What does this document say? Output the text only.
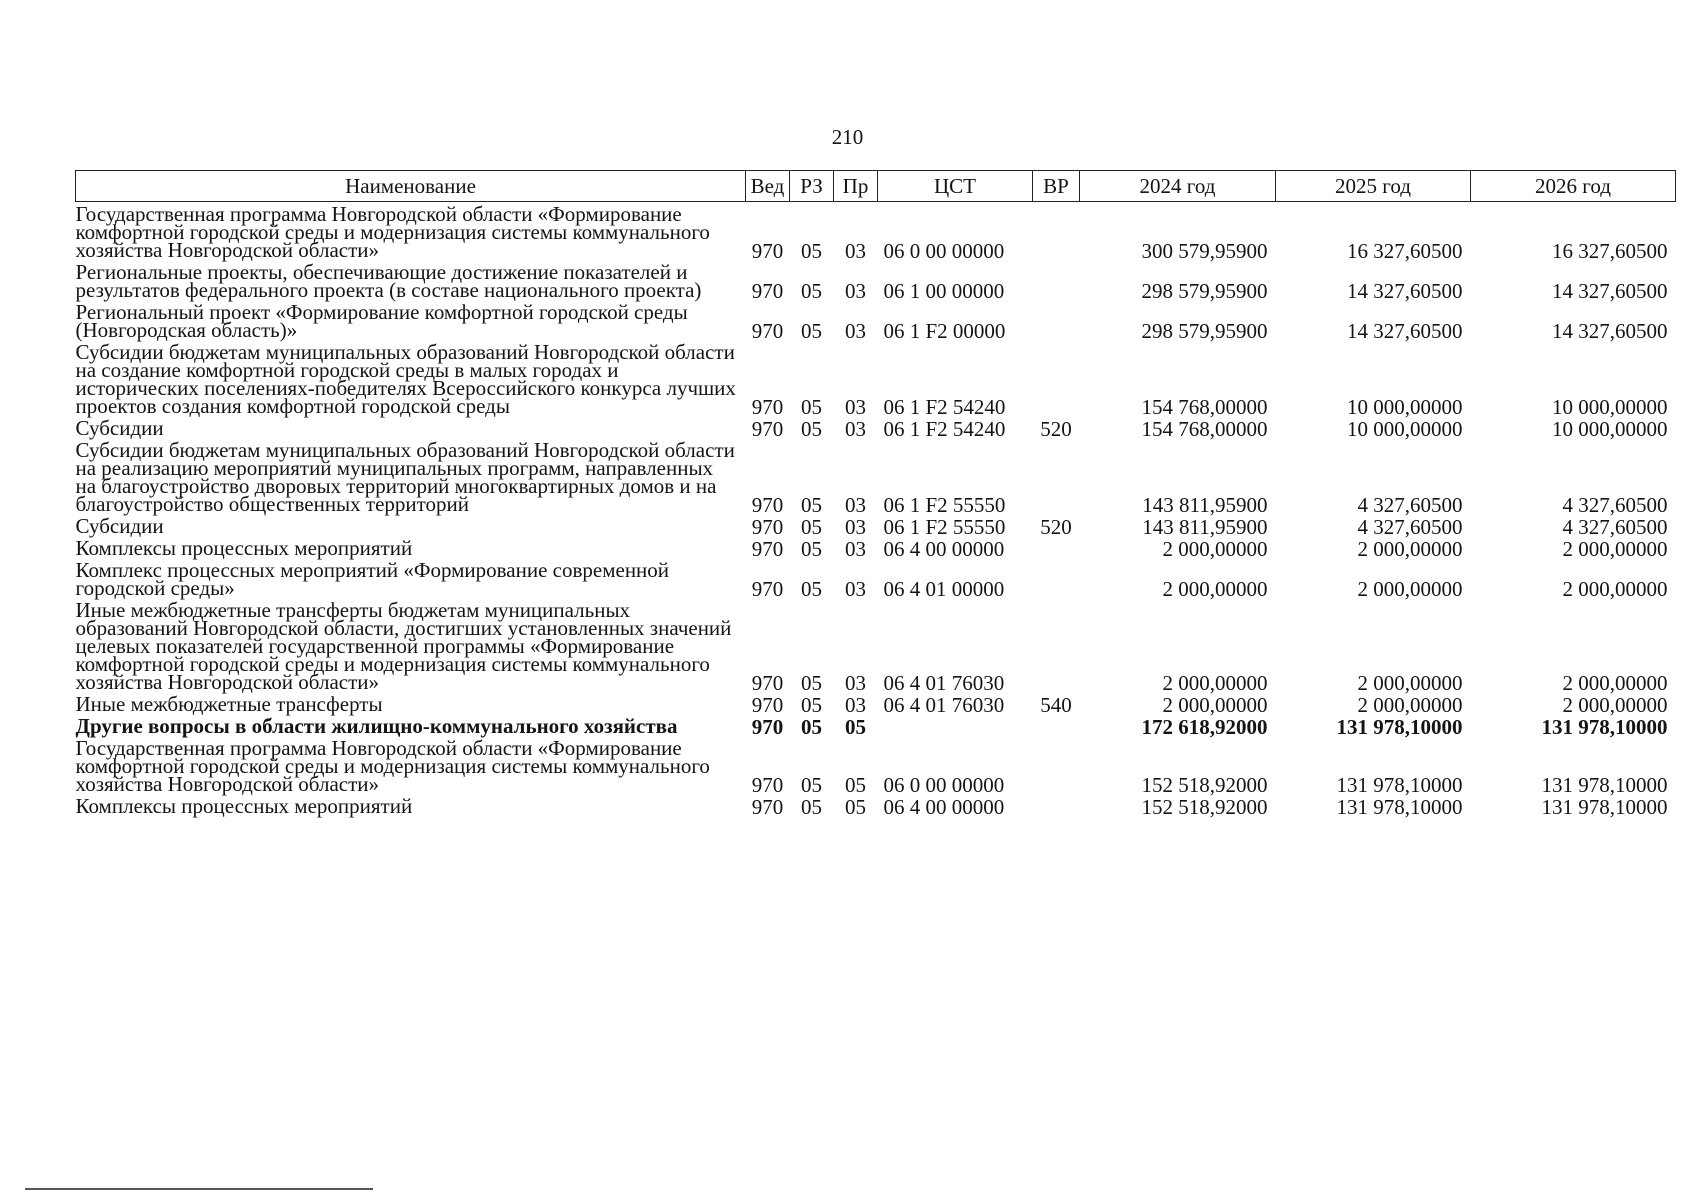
210
Наименование	Вед	РЗ	Пр	ЦСТ	ВР	2024 год	2025 год	2026 год
Государственная программа Новгородской области «Формирование комфортной городской среды и модернизация системы коммунального хозяйства Новгородской области»	970	05	03	06 0 00 00000		300 579,95900	16 327,60500	16 327,60500
Региональные проекты, обеспечивающие достижение показателей и результатов федерального проекта (в составе национального проекта)	970	05	03	06 1 00 00000		298 579,95900	14 327,60500	14 327,60500
Региональный проект «Формирование комфортной городской среды (Новгородская область)»	970	05	03	06 1 F2 00000		298 579,95900	14 327,60500	14 327,60500
Субсидии бюджетам муниципальных образований Новгородской области на создание комфортной городской среды в малых городах и исторических поселениях-победителях Всероссийского конкурса лучших проектов создания комфортной городской среды	970	05	03	06 1 F2 54240		154 768,00000	10 000,00000	10 000,00000
Субсидии	970	05	03	06 1 F2 54240	520	154 768,00000	10 000,00000	10 000,00000
Субсидии бюджетам муниципальных образований Новгородской области на реализацию мероприятий муниципальных программ, направленных на благоустройство дворовых территорий многоквартирных домов и на благоустройство общественных территорий	970	05	03	06 1 F2 55550		143 811,95900	4 327,60500	4 327,60500
Субсидии	970	05	03	06 1 F2 55550	520	143 811,95900	4 327,60500	4 327,60500
Комплексы процессных мероприятий	970	05	03	06 4 00 00000		2 000,00000	2 000,00000	2 000,00000
Комплекс процессных мероприятий «Формирование современной городской среды»	970	05	03	06 4 01 00000		2 000,00000	2 000,00000	2 000,00000
Иные межбюджетные трансферты бюджетам муниципальных образований Новгородской области, достигших установленных значений целевых показателей государственной программы «Формирование комфортной городской среды и модернизация системы коммунального хозяйства Новгородской области»	970	05	03	06 4 01 76030		2 000,00000	2 000,00000	2 000,00000
Иные межбюджетные трансферты	970	05	03	06 4 01 76030	540	2 000,00000	2 000,00000	2 000,00000
Другие вопросы в области жилищно-коммунального хозяйства	970	05	05			172 618,92000	131 978,10000	131 978,10000
Государственная программа Новгородской области «Формирование комфортной городской среды и модернизация системы коммунального хозяйства Новгородской области»	970	05	05	06 0 00 00000		152 518,92000	131 978,10000	131 978,10000
Комплексы процессных мероприятий	970	05	05	06 4 00 00000		152 518,92000	131 978,10000	131 978,10000
